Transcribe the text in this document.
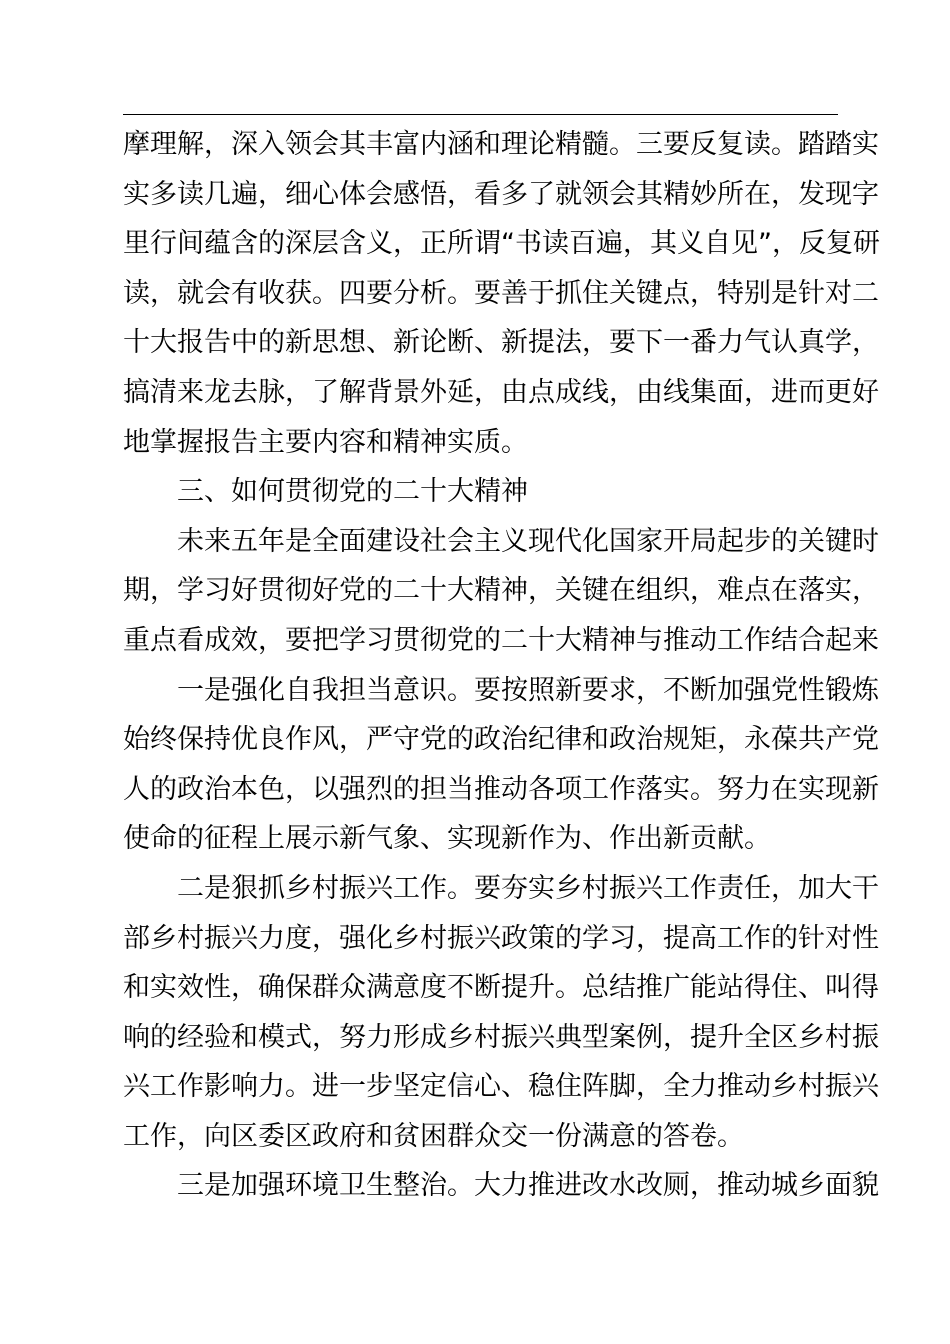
摩理解，深入领会其丰富内涵和理论精髓。三要反复读。踏踏实
实多读几遍，细心体会感悟，看多了就领会其精妙所在，发现字
里行间蕴含的深层含义，正所谓“书读百遍，其义自见”，反复研
读，就会有收获。四要分析。要善于抓住关键点，特别是针对二
十大报告中的新思想、新论断、新提法，要下一番力气认真学，
搞清来龙去脉，了解背景外延，由点成线，由线集面，进而更好
地掌握报告主要内容和精神实质。
三、如何贯彻党的二十大精神
未来五年是全面建设社会主义现代化国家开局起步的关键时
期，学习好贯彻好党的二十大精神，关键在组织，难点在落实，
重点看成效，要把学习贯彻党的二十大精神与推动工作结合起来
一是强化自我担当意识。要按照新要求，不断加强党性锻炼
始终保持优良作风，严守党的政治纪律和政治规矩，永葆共产党
人的政治本色，以强烈的担当推动各项工作落实。努力在实现新
使命的征程上展示新气象、实现新作为、作出新贡献。
二是狠抓乡村振兴工作。要夯实乡村振兴工作责任，加大干
部乡村振兴力度，强化乡村振兴政策的学习，提高工作的针对性
和实效性，确保群众满意度不断提升。总结推广能站得住、叫得
响的经验和模式，努力形成乡村振兴典型案例，提升全区乡村振
兴工作影响力。进一步坚定信心、稳住阵脚，全力推动乡村振兴
工作，向区委区政府和贫困群众交一份满意的答卷。
三是加强环境卫生整治。大力推进改水改厕，推动城乡面貌
